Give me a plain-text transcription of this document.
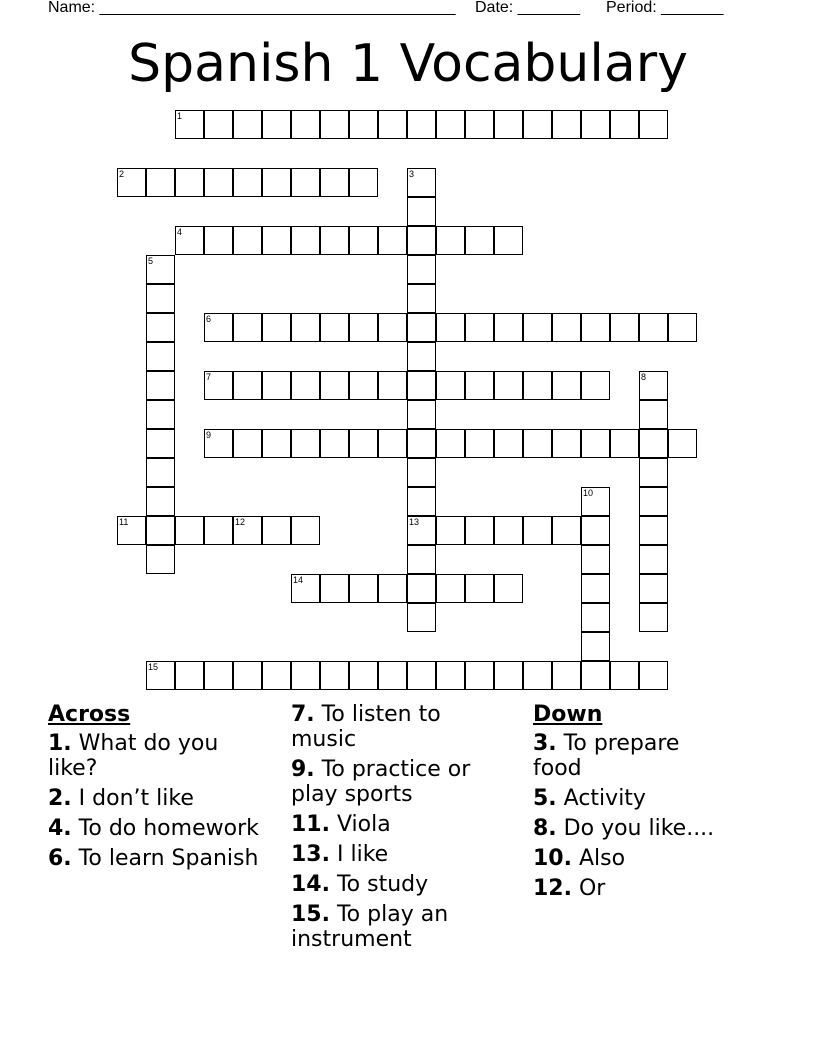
Name: ________________________________________ Date: _______ Period: _______
Spanish 1 Vocabulary
1
2	3
4
5
6
7	8
9
10
11	12	13
14
15
Across
1. What do you like?
2. I don’t like
4. To do homework
6. To learn Spanish
7. To listen to music
9. To practice or play sports
11. Viola
13. I like
14. To study
15. To play an instrument
Down
3. To prepare food
5. Activity
8. Do you like....
10. Also
12. Or
